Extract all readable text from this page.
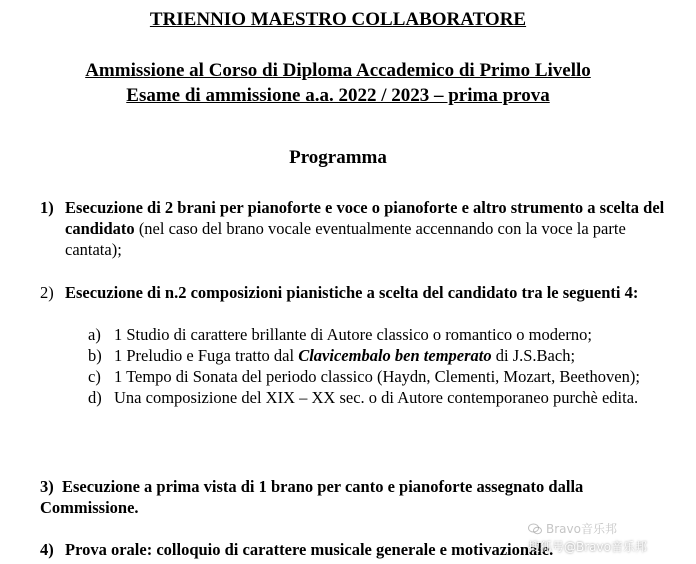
TRIENNIO MAESTRO COLLABORATORE
Ammissione al Corso di Diploma Accademico di Primo Livello
Esame di ammissione a.a. 2022 / 2023 – prima prova
Programma
1) Esecuzione di 2 brani per pianoforte e voce o pianoforte e altro strumento a scelta del candidato (nel caso del brano vocale eventualmente accennando con la voce la parte cantata);
2) Esecuzione di n.2 composizioni pianistiche a scelta del candidato tra le seguenti 4:
a) 1 Studio di carattere brillante di Autore classico o romantico o moderno;
b) 1 Preludio e Fuga tratto dal Clavicembalo ben temperato di J.S.Bach;
c) 1 Tempo di Sonata del periodo classico (Haydn, Clementi, Mozart, Beethoven);
d) Una composizione del XIX – XX sec. o di Autore contemporaneo purchè edita.
3)  Esecuzione a prima vista di 1 brano per canto e pianoforte assegnato dalla Commissione.
4) Prova orale: colloquio di carattere musicale generale e motivazionale.
Bravo音乐邦
搜狐号@Bravo音乐邦
